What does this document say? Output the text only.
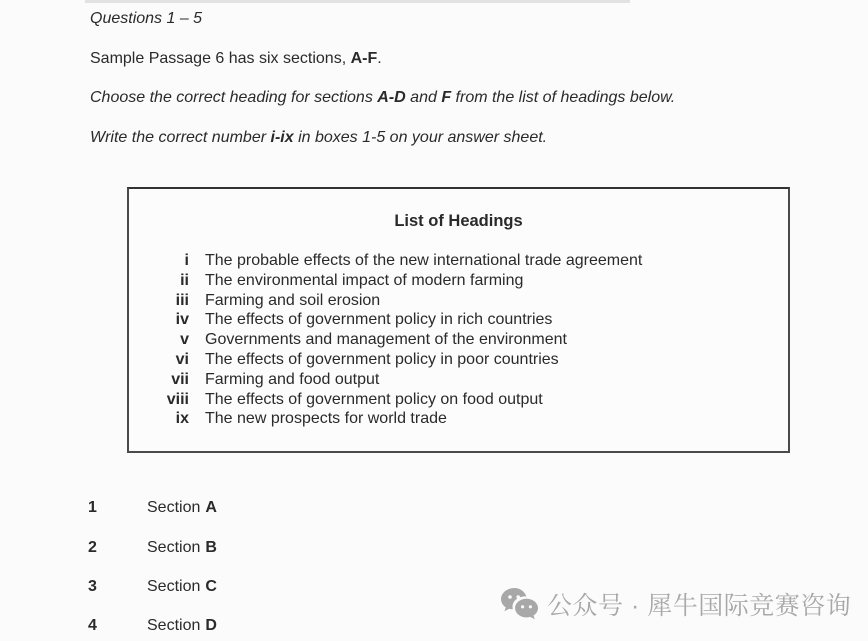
Questions 1 – 5
Sample Passage 6 has six sections, A-F.
Choose the correct heading for sections A-D and F from the list of headings below.
Write the correct number i-ix in boxes 1-5 on your answer sheet.
List of Headings
i The probable effects of the new international trade agreement
ii The environmental impact of modern farming
iii Farming and soil erosion
iv The effects of government policy in rich countries
v Governments and management of the environment
vi The effects of government policy in poor countries
vii Farming and food output
viii The effects of government policy on food output
ix The new prospects for world trade
1	Section A
2	Section B
3	Section C
4	Section D
公众号 · 犀牛国际竞赛咨询
